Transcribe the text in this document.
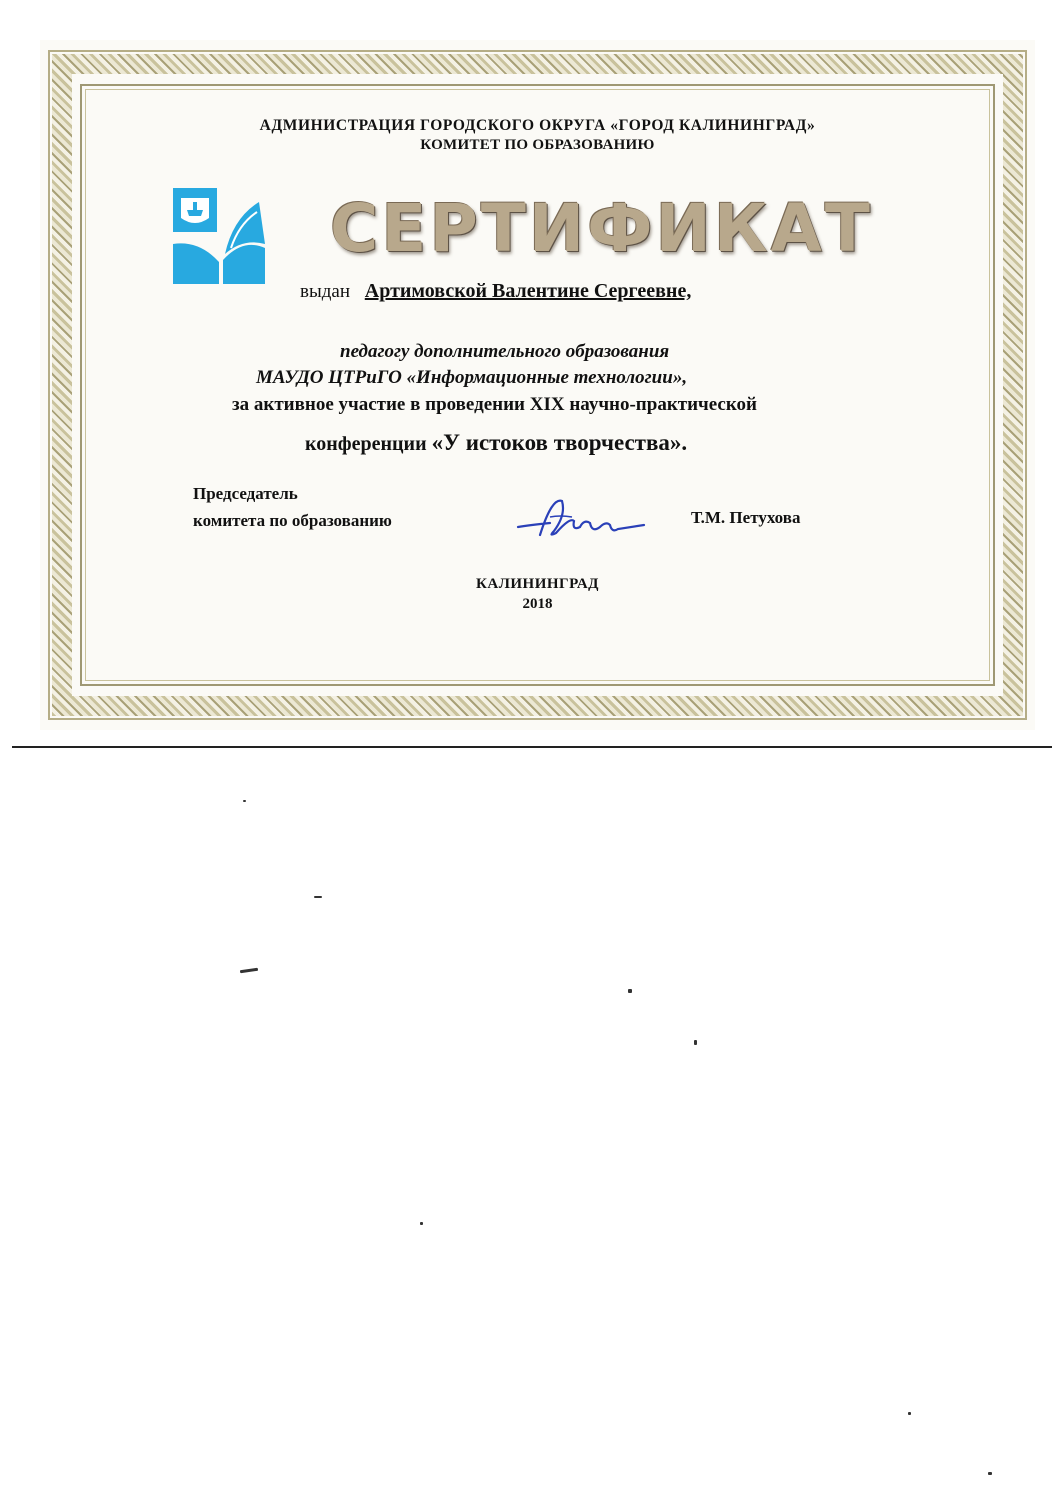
АДМИНИСТРАЦИЯ ГОРОДСКОГО ОКРУГА «ГОРОД КАЛИНИНГРАД»
КОМИТЕТ ПО ОБРАЗОВАНИЮ
СЕРТИФИКАТ
выдан Артимовской Валентине Сергеевне,
педагогу дополнительного образования
МАУДО ЦТРиГО «Информационные технологии»,
за активное участие в проведении XIX научно-практической
конференции «У истоков творчества».
Председатель
комитета по образованию	Т.М. Петухова
КАЛИНИНГРАД
2018
